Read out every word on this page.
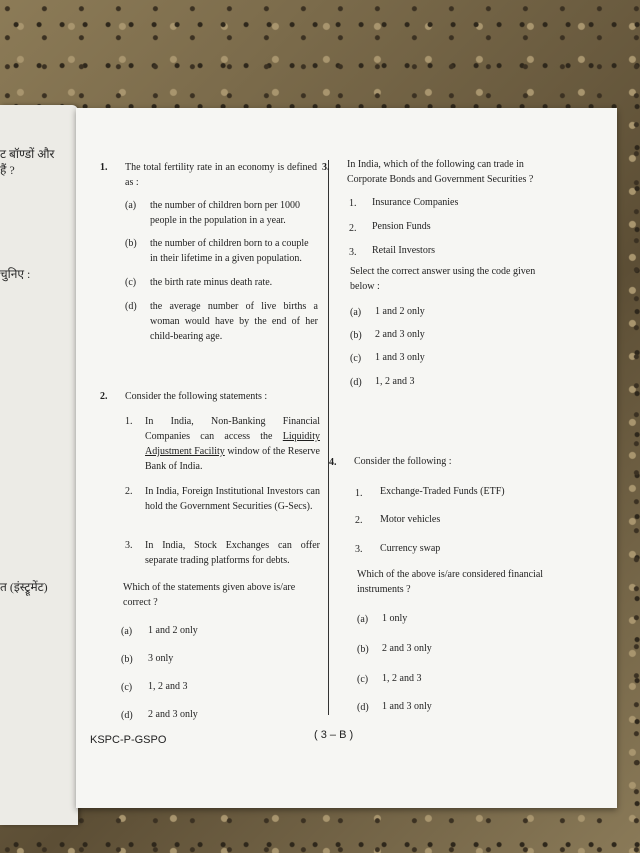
ट बॉण्डों और
हैं ?
चुनिए :
त (इंस्ट्रूमेंट)
1. The total fertility rate in an economy is defined as :
(a) the number of children born per 1000 people in the population in a year.
(b) the number of children born to a couple in their lifetime in a given population.
(c) the birth rate minus death rate.
(d) the average number of live births a woman would have by the end of her child-bearing age.
2. Consider the following statements :
1. In India, Non-Banking Financial Companies can access the Liquidity Adjustment Facility window of the Reserve Bank of India.
2. In India, Foreign Institutional Investors can hold the Government Securities (G-Secs).
3. In India, Stock Exchanges can offer separate trading platforms for debts.
Which of the statements given above is/are correct ?
(a) 1 and 2 only
(b) 3 only
(c) 1, 2 and 3
(d) 2 and 3 only
3. In India, which of the following can trade in Corporate Bonds and Government Securities ?
1. Insurance Companies
2. Pension Funds
3. Retail Investors
Select the correct answer using the code given below :
(a) 1 and 2 only
(b) 2 and 3 only
(c) 1 and 3 only
(d) 1, 2 and 3
4. Consider the following :
1. Exchange-Traded Funds (ETF)
2. Motor vehicles
3. Currency swap
Which of the above is/are considered financial instruments ?
(a) 1 only
(b) 2 and 3 only
(c) 1, 2 and 3
(d) 1 and 3 only
KSPC-P-GSPO	( 3 – B )
